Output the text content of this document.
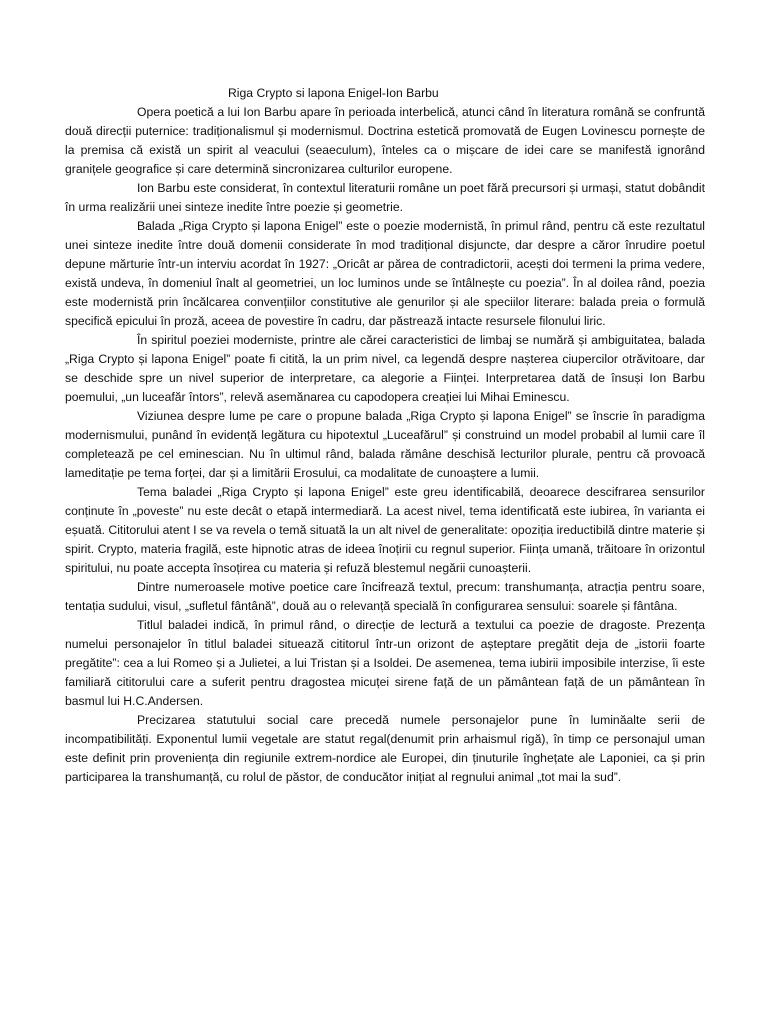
Riga Crypto si lapona Enigel-Ion Barbu

Opera poetică a lui Ion Barbu apare în perioada interbelică, atunci când în literatura română se confruntă două direcții puternice: tradiționalismul și modernismul. Doctrina estetică promovată de Eugen Lovinescu pornește de la premisa că există un spirit al veacului (seaeculum), înteles ca o mișcare de idei care se manifestă ignorând granițele geografice și care determină sincronizarea culturilor europene.

Ion Barbu este considerat, în contextul literaturii române un poet fără precursori și urmași, statut dobândit în urma realizării unei sinteze inedite între poezie și geometrie.

Balada „Riga Crypto și lapona Enigel” este o poezie modernistă, în primul rând, pentru că este rezultatul unei sinteze inedite între două domenii considerate în mod tradițional disjuncte, dar despre a căror înrudire poetul depune mărturie într-un interviu acordat în 1927: „Oricât ar părea de contradictorii, acești doi termeni la prima vedere, există undeva, în domeniul înalt al geometriei, un loc luminos unde se întâlnește cu poezia”. În al doilea rând, poezia este modernistă prin încălcarea convențiilor constitutive ale genurilor și ale speciilor literare: balada preia o formulă specifică epicului în proză, aceea de povestire în cadru, dar păstrează intacte resursele filonului liric.

În spiritul poeziei moderniste, printre ale cărei caracteristici de limbaj se numără și ambiguitatea, balada „Riga Crypto și lapona Enigel” poate fi citită, la un prim nivel, ca legendă despre nașterea ciupercilor otrăvitoare, dar se deschide spre un nivel superior de interpretare, ca alegorie a Ființei. Interpretarea dată de însuși Ion Barbu poemului, „un luceafăr întors”, relevă asemănarea cu capodopera creației lui Mihai Eminescu.

Viziunea despre lume pe care o propune balada „Riga Crypto și lapona Enigel” se înscrie în paradigma modernismului, punând în evidență legătura cu hipotextul „Luceafărul” și construind un model probabil al lumii care îl completează pe cel eminescian. Nu în ultimul rând, balada rămâne deschisă lecturilor plurale, pentru că provoacă lameditație pe tema forței, dar și a limitării Erosului, ca modalitate de cunoaștere a lumii.

Tema baladei „Riga Crypto și lapona Enigel” este greu identificabilă, deoarece descifrarea sensurilor conținute în „poveste” nu este decât o etapă intermediară. La acest nivel, tema identificată este iubirea, în varianta ei eșuată. Cititorului atent I se va revela o temă situată la un alt nivel de generalitate: opoziția ireductibilă dintre materie și spirit. Crypto, materia fragilă, este hipnotic atras de ideea înoțirii cu regnul superior. Ființa umană, trăitoare în orizontul spiritului, nu poate accepta însoțirea cu materia și refuză blestemul negării cunoașterii.

Dintre numeroasele motive poetice care încifrează textul, precum: transhumanța, atracția pentru soare, tentația sudului, visul, „sufletul fântână”, două au o relevanță specială în configurarea sensului: soarele și fântâna.

Titlul baladei indică, în primul rând, o direcție de lectură a textului ca poezie de dragoste. Prezența numelui personajelor în titlul baladei situează cititorul într-un orizont de așteptare pregătit deja de „istorii foarte pregătite”: cea a lui Romeo și a Julietei, a lui Tristan și a Isoldei. De asemenea, tema iubirii imposibile interzise, îi este familiară cititorului care a suferit pentru dragostea micuței sirene față de un pământean față de un pământean în basmul lui H.C.Andersen.

Precizarea statutului social care precedă numele personajelor pune în luminăalte serii de incompatibilități. Exponentul lumii vegetale are statut regal(denumit prin arhaismul rigă), în timp ce personajul uman este definit prin proveniența din regiunile extrem-nordice ale Europei, din ținuturile înghețate ale Laponiei, ca și prin participarea la transhumanță, cu rolul de păstor, de conducător inițiat al regnului animal „tot mai la sud”.
